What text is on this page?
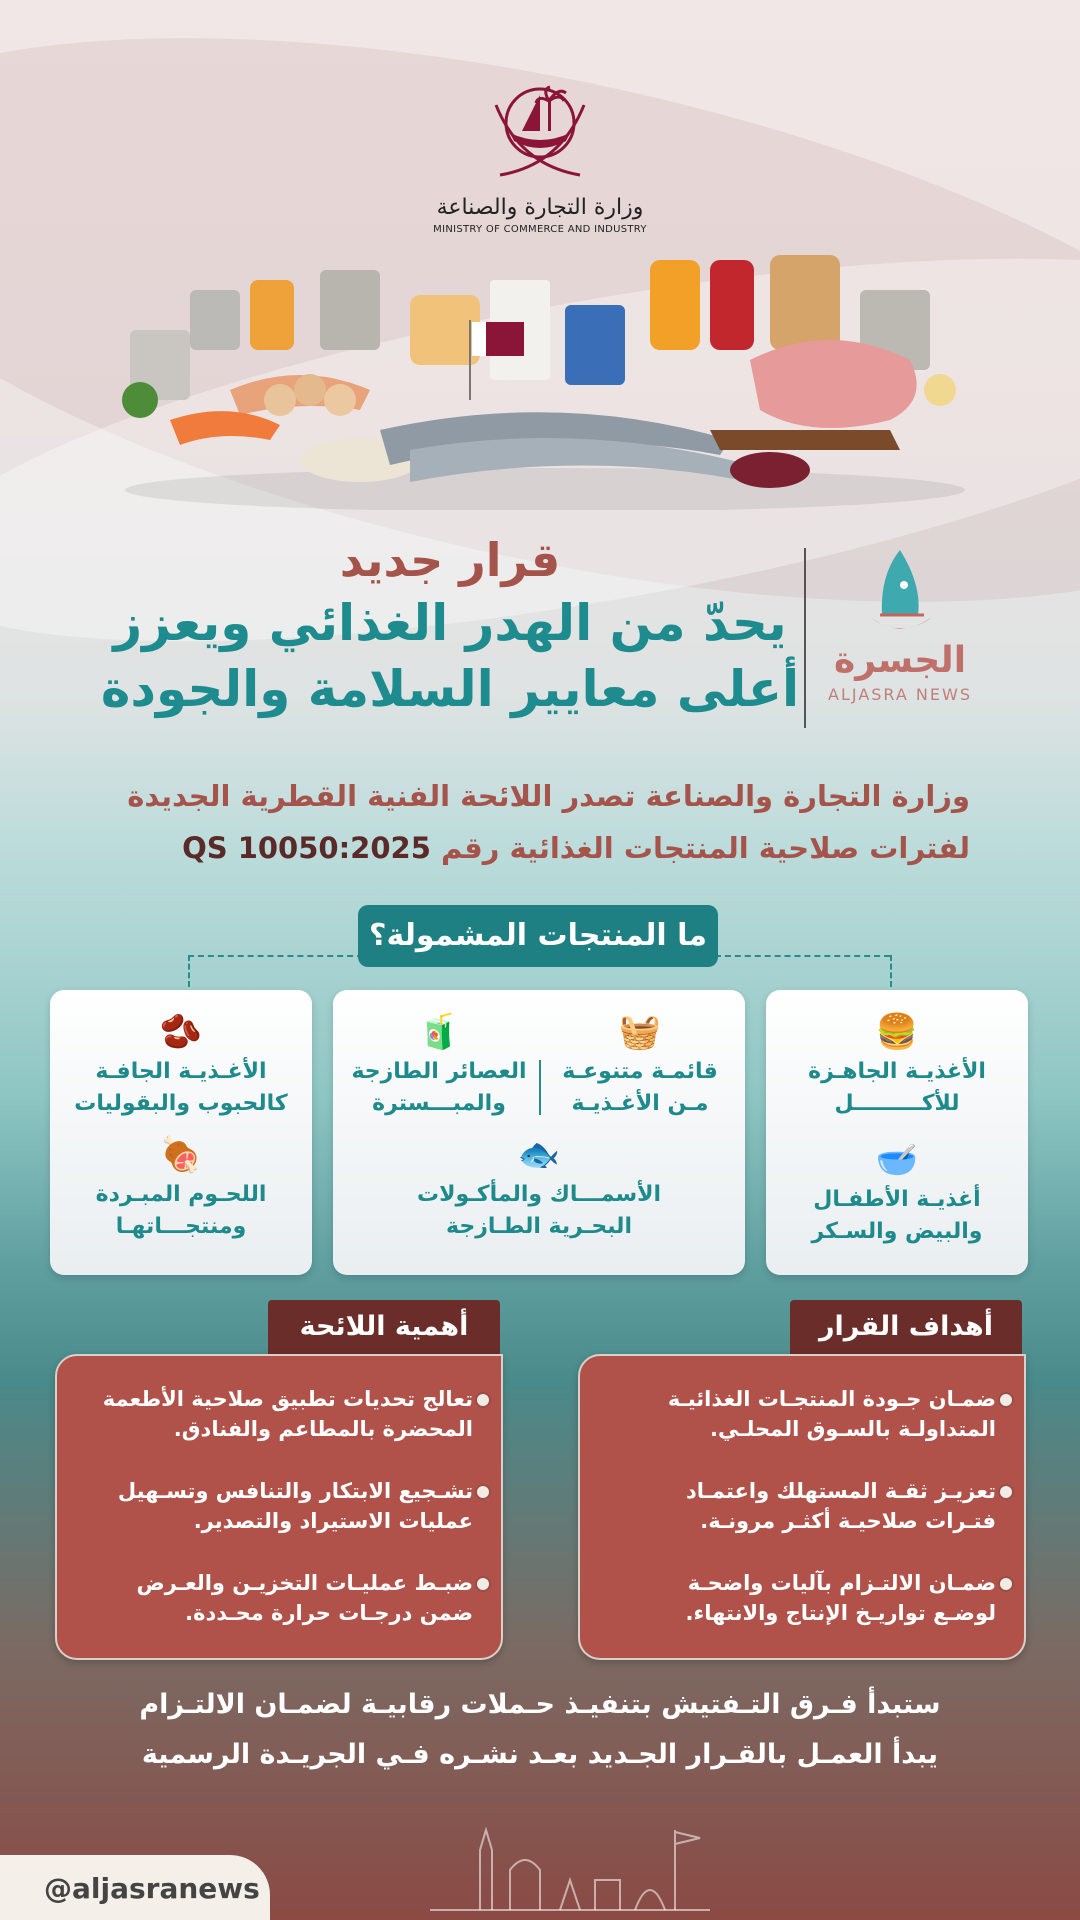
وزارة التجارة والصناعة
MINISTRY OF COMMERCE AND INDUSTRY
قرار جديد
يحدّ من الهدر الغذائي ويعزز
أعلى معايير السلامة والجودة الجسرة
ALJASRA NEWS
وزارة التجارة والصناعة تصدر اللائحة الفنية القطرية الجديدة
لفترات صلاحية المنتجات الغذائية رقم QS 10050:2025
ما المنتجات المشمولة؟
🍔
الأغذيـة الجاهـزة
للأكـــــــــل
🥣
أغذيـة الأطفـال
والبيض والسـكر
🧺
قائمـة متنوعـة
مـن الأغـذيـة
🧃
العصائر الطازجة
والمبـــسترة
🐟
الأسمـــاك والمأكـولات
البحـرية الطـازجة
🫘
الأغـذيـة الجافـة
كالحبوب والبقوليات
🍖
اللحـوم المبـردة
ومنتجـــاتهـا
أهداف القرار
ضمـان جـودة المنتجـات الغذائيـة
المتداولـة بالسـوق المحلـي.
تعزيـز ثقـة المستهلك واعتمـاد
فتـرات صلاحيـة أكثـر مرونـة.
ضمـان الالتـزام بآليات واضحـة
لوضـع تواريـخ الإنتاج والانتهاء.
أهمية اللائحة
تعالج تحديات تطبيق صلاحية الأطعمة
المحضرة بالمطاعم والفنادق.
تشـجيع الابتكار والتنافس وتسـهيل
عمليات الاستيراد والتصدير.
ضبـط عمليـات التخزيـن والعـرض
ضمن درجـات حرارة محـددة.
ستبدأ فـرق التـفتيش بتنفيـذ حـملات رقابيـة لضمـان الالتـزام
يبدأ العمـل بالقـرار الجـديد بعـد نشـره فـي الجريـدة الرسمية
@aljasranews
